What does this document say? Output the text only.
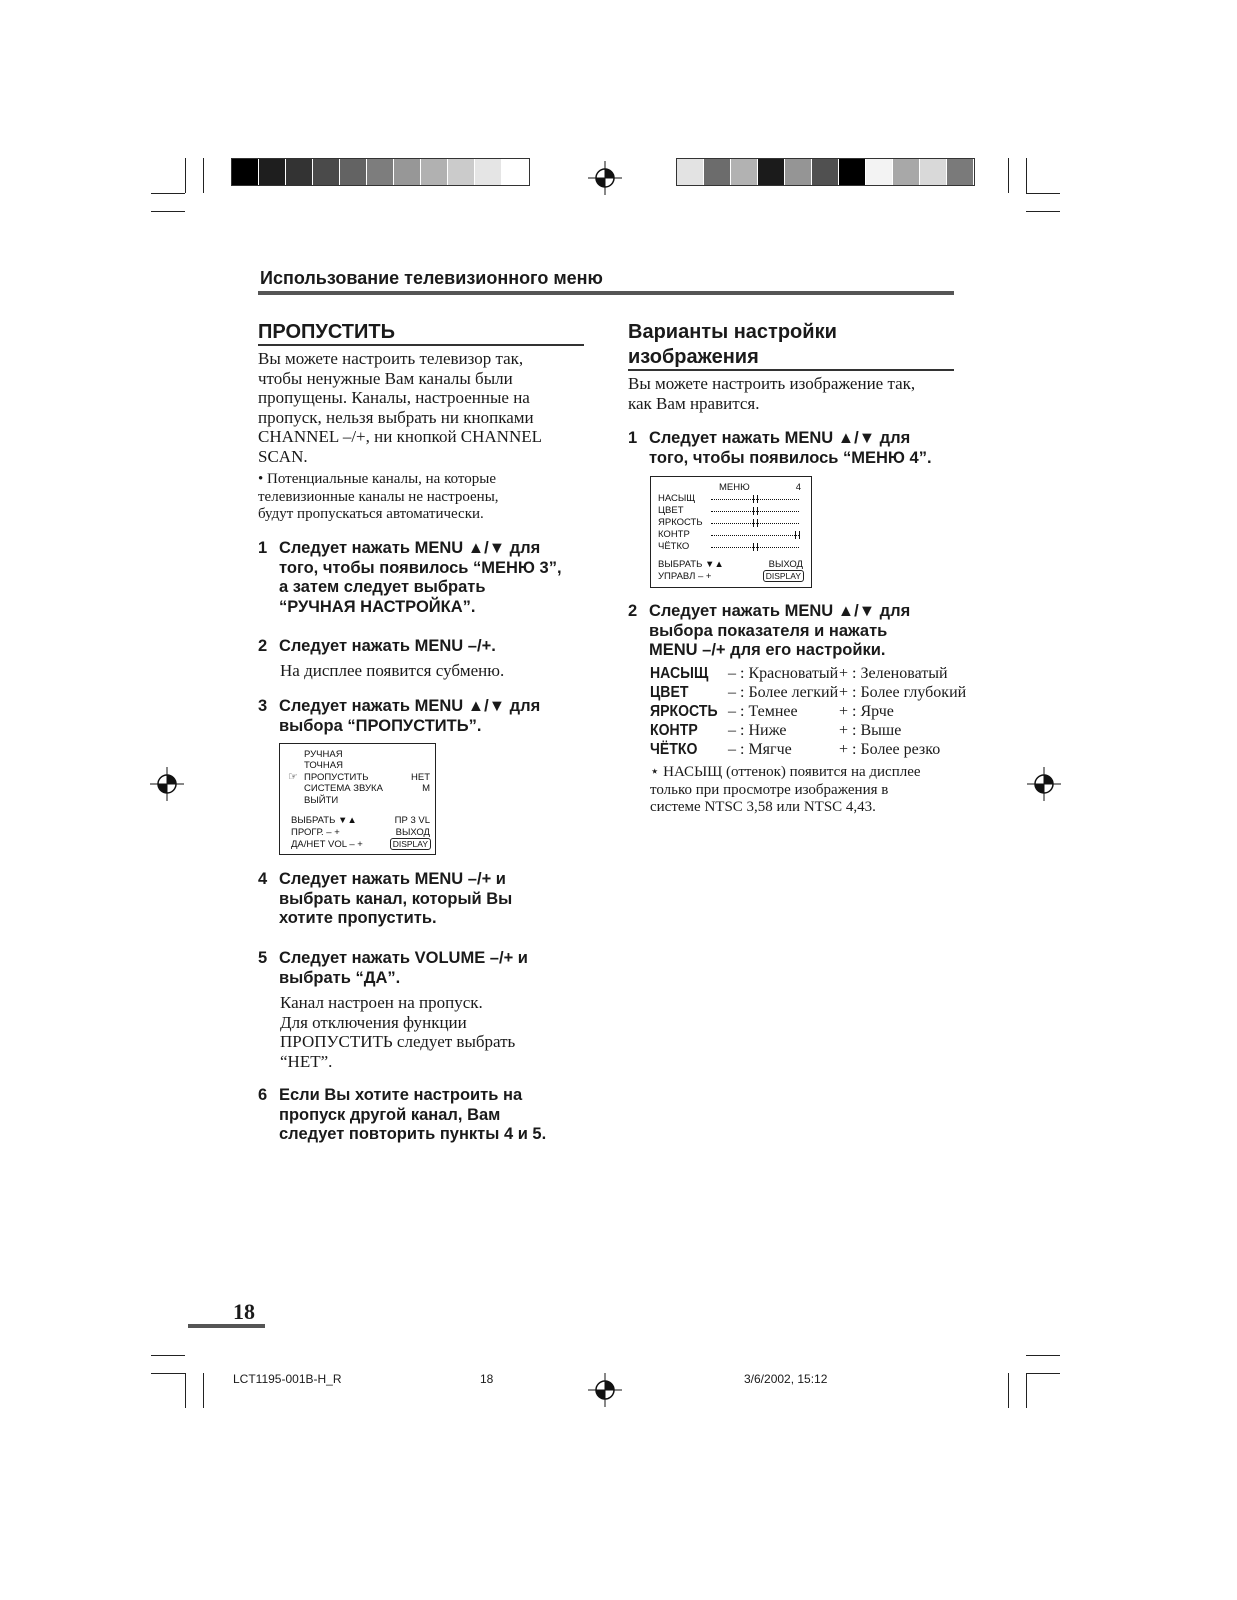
Использование телевизионного меню
ПРОПУСТИТЬ
Вы можете настроить телевизор так,
чтобы ненужные Вам каналы были
пропущены. Каналы, настроенные на
пропуск, нельзя выбрать ни кнопками
CHANNEL –/+, ни кнопкой CHANNEL
SCAN.
• Потенциальные каналы, на которые
телевизионные каналы не настроены,
будут пропускаться автоматически.
1 Следует нажать MENU ▲/▼ для
того, чтобы появилось “МЕНЮ 3”,
а затем следует выбрать
“РУЧНАЯ НАСТРОЙКА”.
2 Следует нажать MENU –/+.
На дисплее появится субменю.
3 Следует нажать MENU ▲/▼ для
выбора “ПРОПУСТИТЬ”.
РУЧНАЯ
ТОЧНАЯ
☞ ПРОПУСТИТЬ	НЕТ
СИСТЕМА ЗВУКА	M
ВЫЙТИ
ВЫБРАТЬ ▼▲	ПР 3 VL
ПРОГР. – +	ВЫХОД
ДА/НЕТ VOL – +	DISPLAY
4 Следует нажать MENU –/+ и
выбрать канал, который Вы
хотите пропустить.
5 Следует нажать VOLUME –/+ и
выбрать “ДА”.
Канал настроен на пропуск.
Для отключения функции
ПРОПУСТИТЬ следует выбрать
“НЕТ”.
6 Если Вы хотите настроить на
пропуск другой канал, Вам
следует повторить пункты 4 и 5.
Варианты настройки
изображения
Вы можете настроить изображение так,
как Вам нравится.
1 Следует нажать MENU ▲/▼ для
того, чтобы появилось “МЕНЮ 4”.
МЕНЮ	4
НАСЫЩ
ЦВЕТ
ЯРКОСТЬ
КОНТР
ЧЁТКО
ВЫБРАТЬ ▼▲	ВЫХОД
УПРАВЛ – +	DISPLAY
2 Следует нажать MENU ▲/▼ для
выбора показателя и нажать
MENU –/+ для его настройки.
НАСЫЩ – : Красноватый + : Зеленоватый
ЦВЕТ – : Более легкий + : Более глубокий
ЯРКОСТЬ – : Темнее	+ : Ярче
КОНТР – : Ниже	+ : Выше
ЧЁТКО – : Мягче	+ : Более резко
⋆ НАСЫЩ (оттенок) появится на дисплее
только при просмотре изображения в
системе NTSC 3,58 или NTSC 4,43.
18
LCT1195-001B-H_R	18	3/6/2002, 15:12
